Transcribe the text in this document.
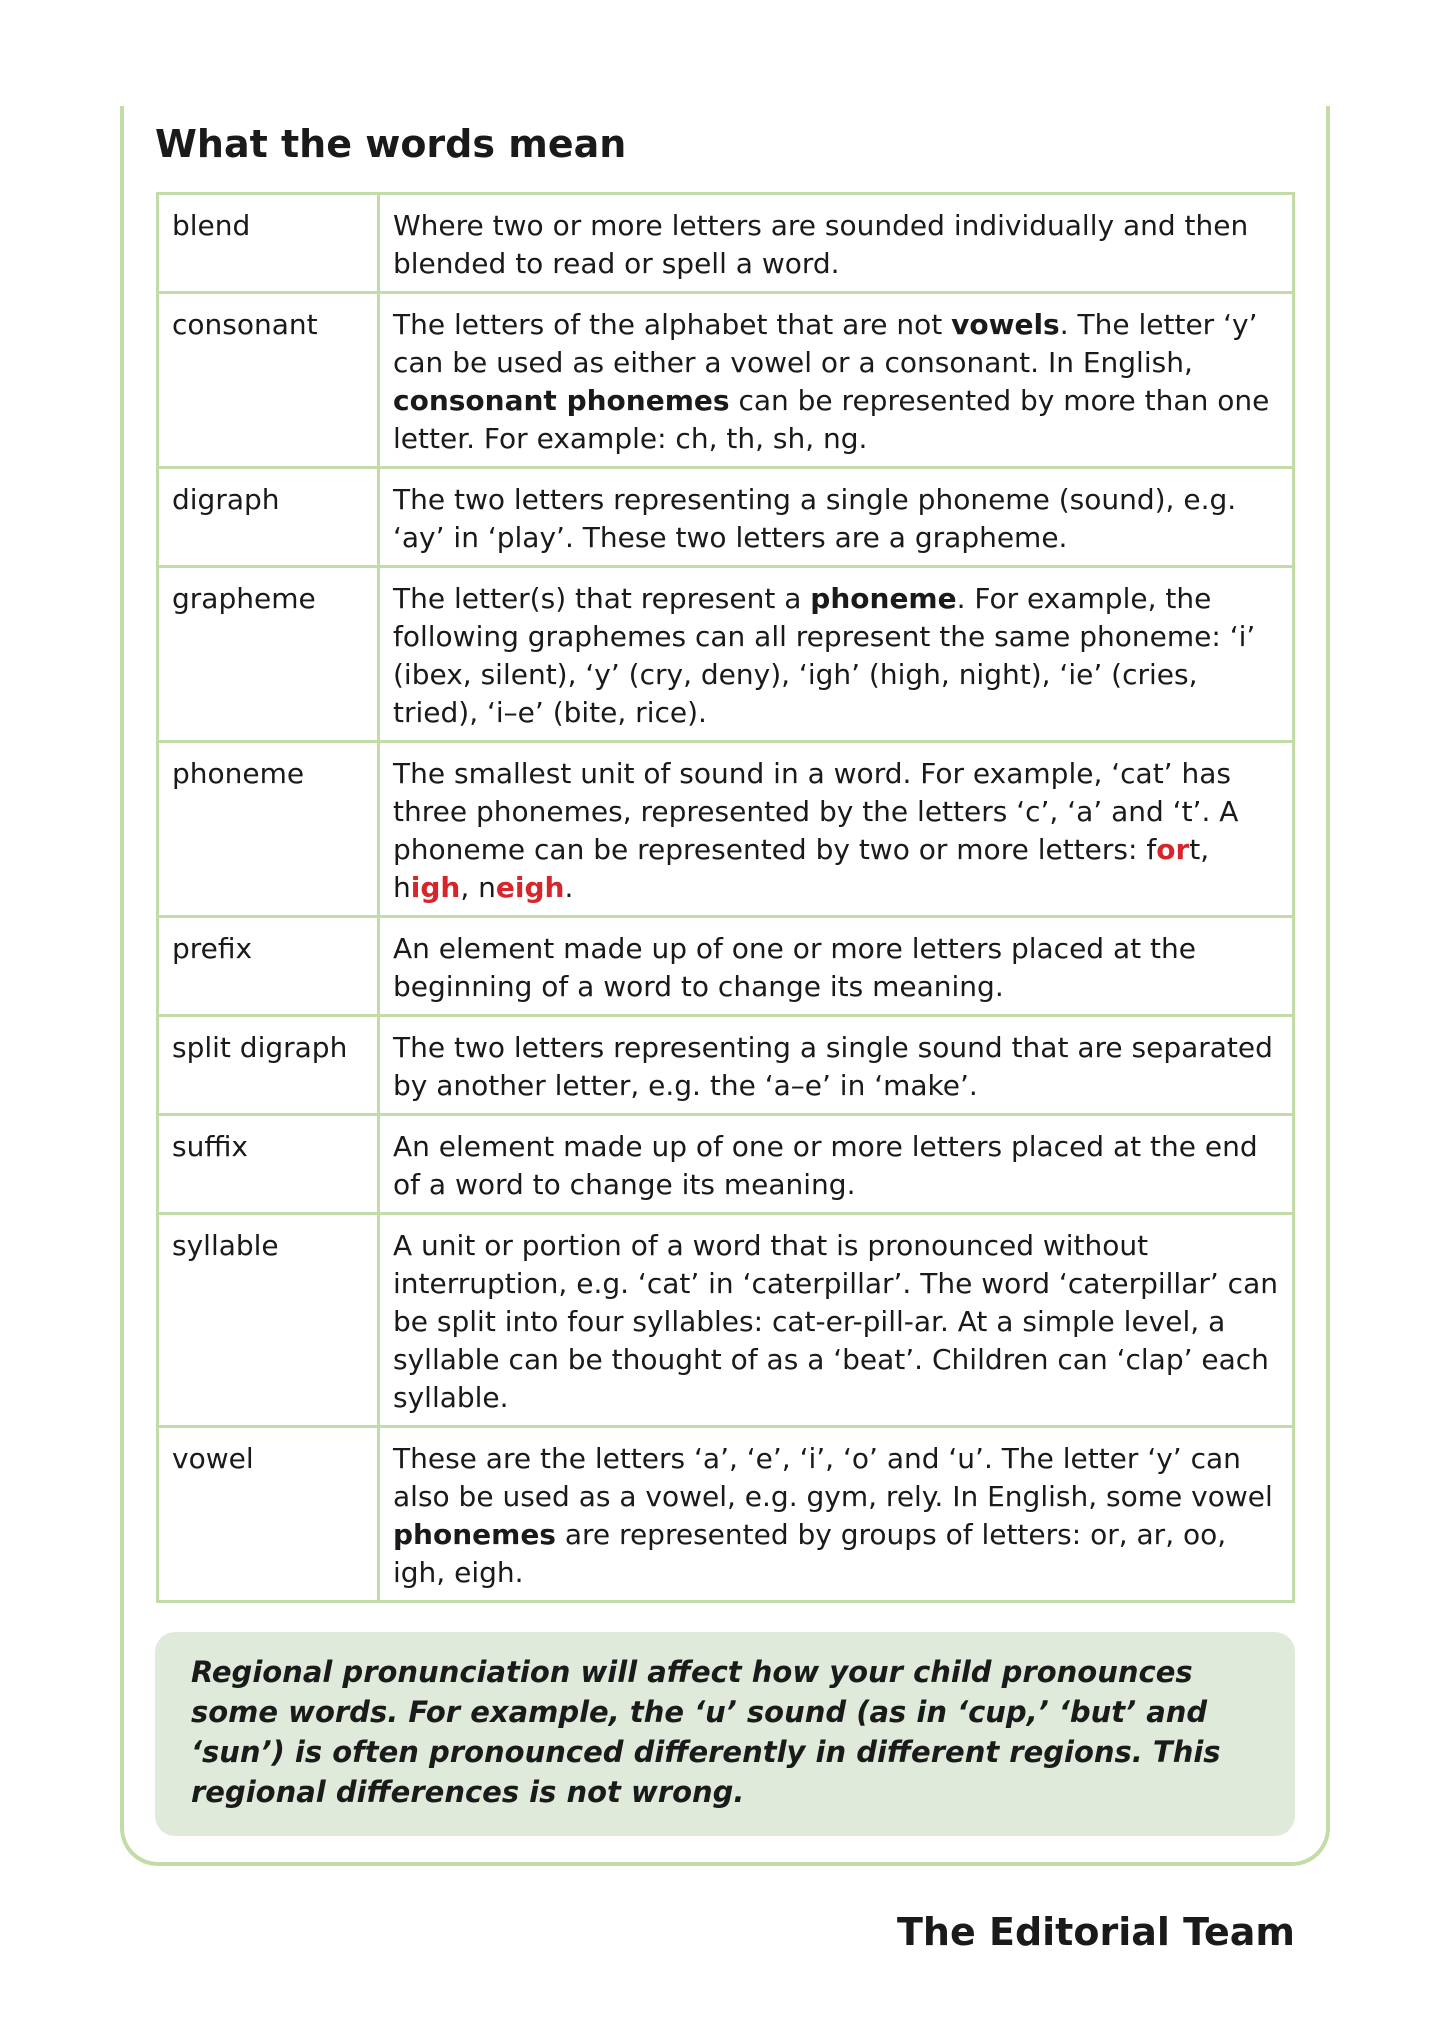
What the words mean
blend	Where two or more letters are sounded individually and then blended to read or spell a word.
consonant	The letters of the alphabet that are not vowels. The letter ‘y’ can be used as either a vowel or a consonant. In English, consonant phonemes can be represented by more than one letter. For example: ch, th, sh, ng.
digraph	The two letters representing a single phoneme (sound), e.g. ‘ay’ in ‘play’. These two letters are a grapheme.
grapheme	The letter(s) that represent a phoneme. For example, the following graphemes can all represent the same phoneme: ‘i’ (ibex, silent), ‘y’ (cry, deny), ‘igh’ (high, night), ‘ie’ (cries, tried), ‘i–e’ (bite, rice).
phoneme	The smallest unit of sound in a word. For example, ‘cat’ has three phonemes, represented by the letters ‘c’, ‘a’ and ‘t’. A phoneme can be represented by two or more letters: fort, high, neigh.
prefix	An element made up of one or more letters placed at the beginning of a word to change its meaning.
split digraph	The two letters representing a single sound that are separated by another letter, e.g. the ‘a–e’ in ‘make’.
suffix	An element made up of one or more letters placed at the end of a word to change its meaning.
syllable	A unit or portion of a word that is pronounced without interruption, e.g. ‘cat’ in ‘caterpillar’. The word ‘caterpillar’ can be split into four syllables: cat-er-pill-ar. At a simple level, a syllable can be thought of as a ‘beat’. Children can ‘clap’ each syllable.
vowel	These are the letters ‘a’, ‘e’, ‘i’, ‘o’ and ‘u’. The letter ‘y’ can also be used as a vowel, e.g. gym, rely. In English, some vowel phonemes are represented by groups of letters: or, ar, oo, igh, eigh.

Regional pronunciation will affect how your child pronounces some words. For example, the ‘u’ sound (as in ‘cup,’ ‘but’ and ‘sun’) is often pronounced differently in different regions. This regional differences is not wrong.

The Editorial Team
